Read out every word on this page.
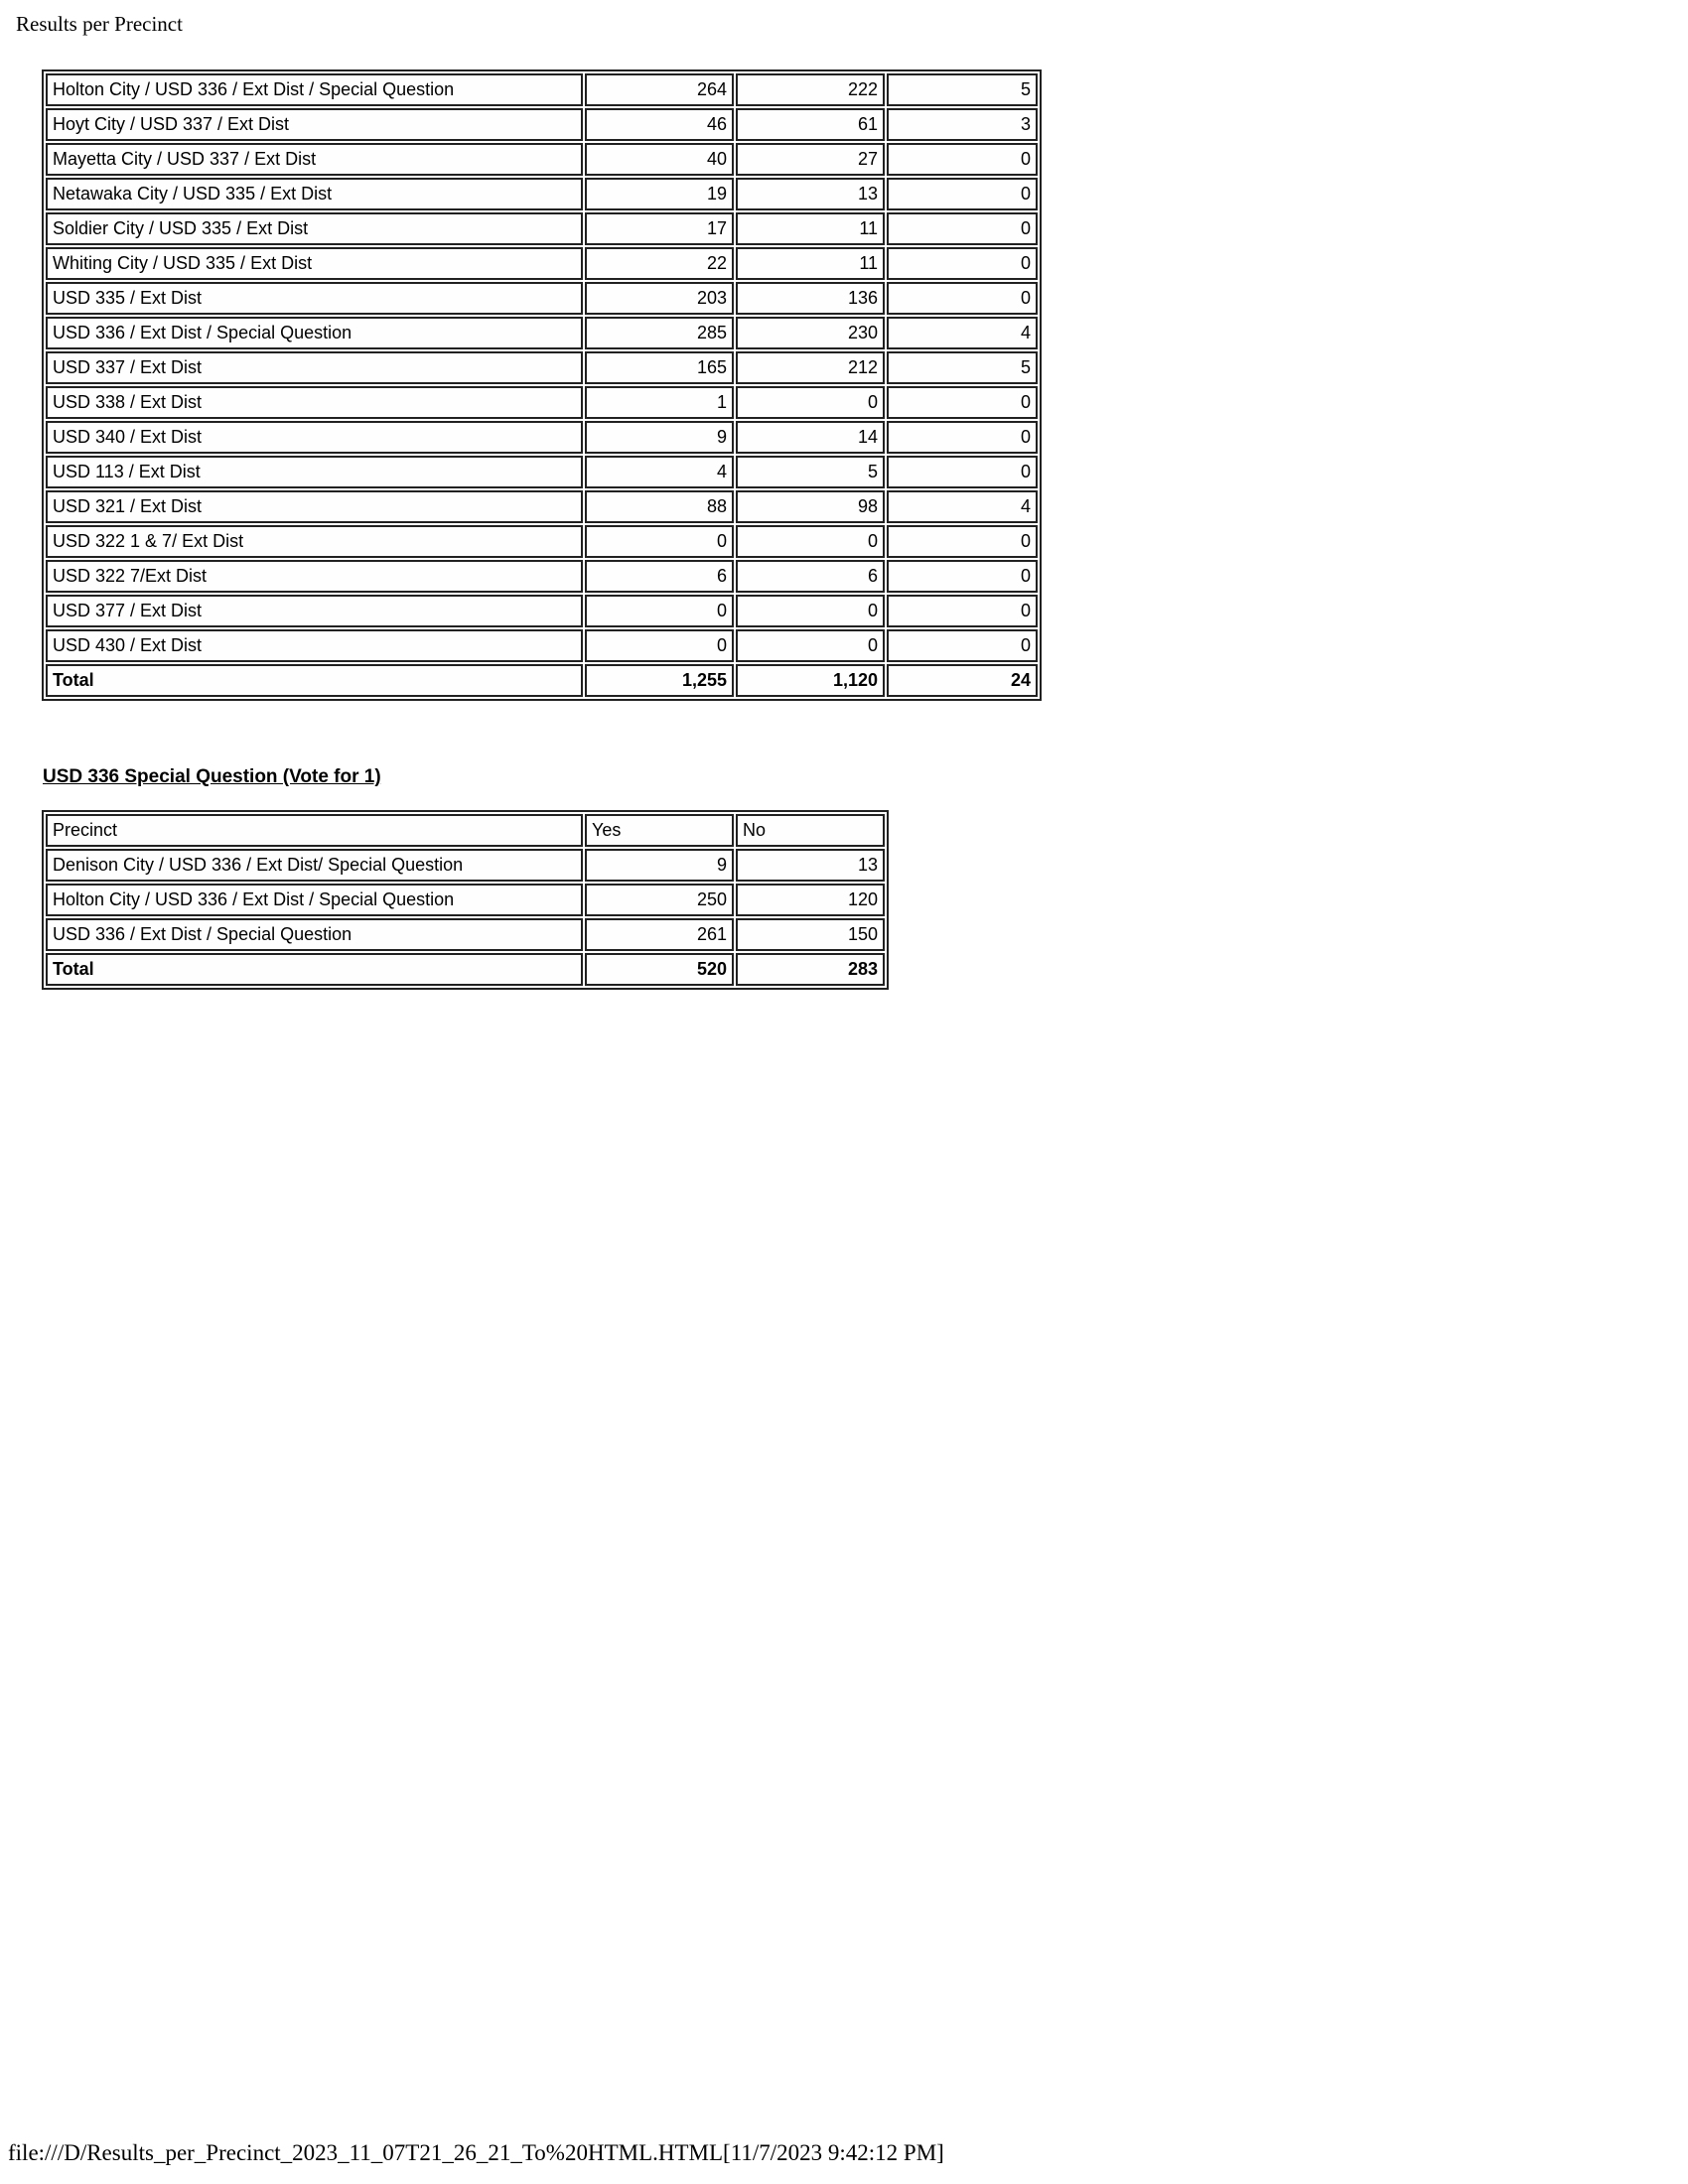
Results per Precinct
Holton City / USD 336 / Ext Dist / Special Question	264	222	5
Hoyt City / USD 337 / Ext Dist	46	61	3
Mayetta City / USD 337 / Ext Dist	40	27	0
Netawaka City / USD 335 / Ext Dist	19	13	0
Soldier City / USD 335 / Ext Dist	17	11	0
Whiting City / USD 335 / Ext Dist	22	11	0
USD 335 / Ext Dist	203	136	0
USD 336 / Ext Dist / Special Question	285	230	4
USD 337 / Ext Dist	165	212	5
USD 338 / Ext Dist	1	0	0
USD 340 / Ext Dist	9	14	0
USD 113 / Ext Dist	4	5	0
USD 321 / Ext Dist	88	98	4
USD 322 1 & 7/ Ext Dist	0	0	0
USD 322 7/Ext Dist	6	6	0
USD 377 / Ext Dist	0	0	0
USD 430 / Ext Dist	0	0	0
Total	1,255	1,120	24
USD 336 Special Question (Vote for 1)
Precinct	Yes	No
Denison City / USD 336 / Ext Dist/ Special Question	9	13
Holton City / USD 336 / Ext Dist / Special Question	250	120
USD 336 / Ext Dist / Special Question	261	150
Total	520	283
file:///D/Results_per_Precinct_2023_11_07T21_26_21_To%20HTML.HTML[11/7/2023 9:42:12 PM]
